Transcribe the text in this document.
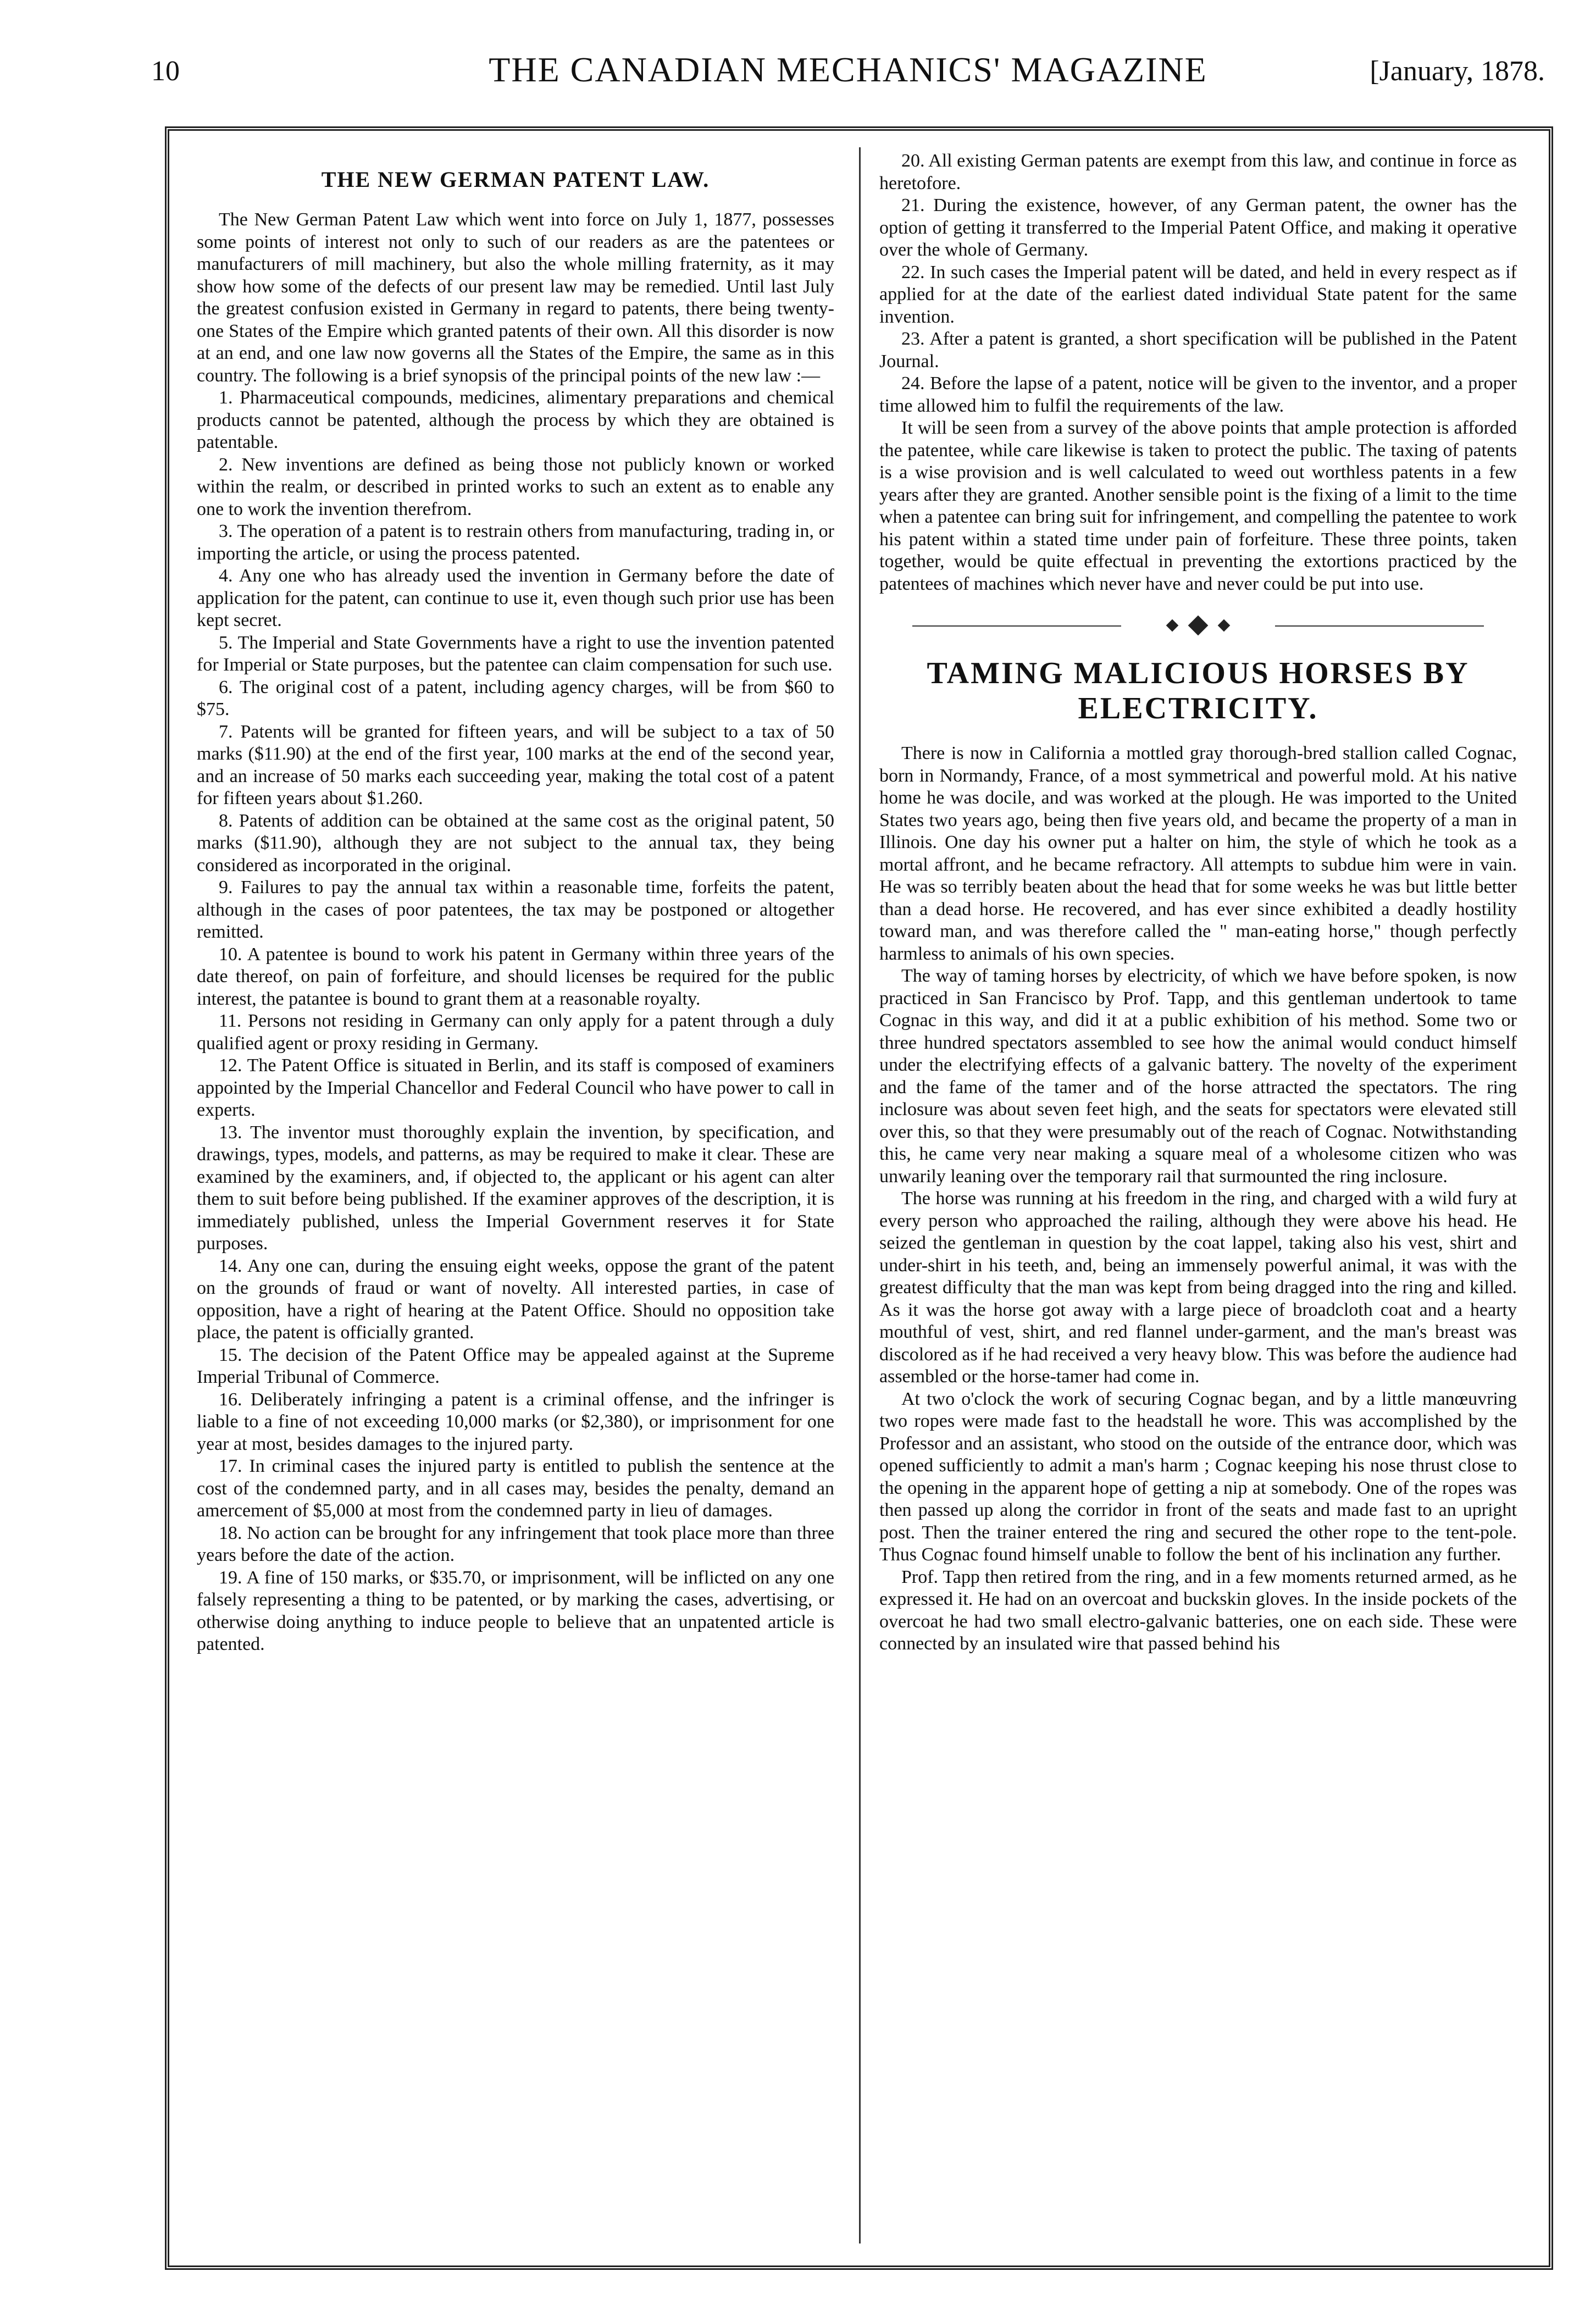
10	THE CANADIAN MECHANICS' MAGAZINE	[January, 1878.
THE NEW GERMAN PATENT LAW.

The New German Patent Law which went into force on July 1, 1877, possesses some points of interest not only to such of our readers as are the patentees or manufacturers of mill machinery, but also the whole milling fraternity, as it may show how some of the defects of our present law may be remedied. Until last July the greatest confusion existed in Germany in regard to patents, there being twenty-one States of the Empire which granted patents of their own. All this disorder is now at an end, and one law now governs all the States of the Empire, the same as in this country. The following is a brief synopsis of the principal points of the new law :—

1. Pharmaceutical compounds, medicines, alimentary preparations and chemical products cannot be patented, although the process by which they are obtained is patentable.

2. New inventions are defined as being those not publicly known or worked within the realm, or described in printed works to such an extent as to enable any one to work the invention therefrom.

3. The operation of a patent is to restrain others from manufacturing, trading in, or importing the article, or using the process patented.

4. Any one who has already used the invention in Germany before the date of application for the patent, can continue to use it, even though such prior use has been kept secret.

5. The Imperial and State Governments have a right to use the invention patented for Imperial or State purposes, but the patentee can claim compensation for such use.

6. The original cost of a patent, including agency charges, will be from $60 to $75.

7. Patents will be granted for fifteen years, and will be subject to a tax of 50 marks ($11.90) at the end of the first year, 100 marks at the end of the second year, and an increase of 50 marks each succeeding year, making the total cost of a patent for fifteen years about $1.260.

8. Patents of addition can be obtained at the same cost as the original patent, 50 marks ($11.90), although they are not subject to the annual tax, they being considered as incorporated in the original.

9. Failures to pay the annual tax within a reasonable time, forfeits the patent, although in the cases of poor patentees, the tax may be postponed or altogether remitted.

10. A patentee is bound to work his patent in Germany within three years of the date thereof, on pain of forfeiture, and should licenses be required for the public interest, the patantee is bound to grant them at a reasonable royalty.

11. Persons not residing in Germany can only apply for a patent through a duly qualified agent or proxy residing in Germany.

12. The Patent Office is situated in Berlin, and its staff is composed of examiners appointed by the Imperial Chancellor and Federal Council who have power to call in experts.

13. The inventor must thoroughly explain the invention, by specification, and drawings, types, models, and patterns, as may be required to make it clear. These are examined by the examiners, and, if objected to, the applicant or his agent can alter them to suit before being published. If the examiner approves of the description, it is immediately published, unless the Imperial Government reserves it for State purposes.

14. Any one can, during the ensuing eight weeks, oppose the grant of the patent on the grounds of fraud or want of novelty. All interested parties, in case of opposition, have a right of hearing at the Patent Office. Should no opposition take place, the patent is officially granted.

15. The decision of the Patent Office may be appealed against at the Supreme Imperial Tribunal of Commerce.

16. Deliberately infringing a patent is a criminal offense, and the infringer is liable to a fine of not exceeding 10,000 marks (or $2,380), or imprisonment for one year at most, besides damages to the injured party.

17. In criminal cases the injured party is entitled to publish the sentence at the cost of the condemned party, and in all cases may, besides the penalty, demand an amercement of $5,000 at most from the condemned party in lieu of damages.

18. No action can be brought for any infringement that took place more than three years before the date of the action.

19. A fine of 150 marks, or $35.70, or imprisonment, will be inflicted on any one falsely representing a thing to be patented, or by marking the cases, advertising, or otherwise doing anything to induce people to believe that an unpatented article is patented.

20. All existing German patents are exempt from this law, and continue in force as heretofore.

21. During the existence, however, of any German patent, the owner has the option of getting it transferred to the Imperial Patent Office, and making it operative over the whole of Germany.

22. In such cases the Imperial patent will be dated, and held in every respect as if applied for at the date of the earliest dated individual State patent for the same invention.

23. After a patent is granted, a short specification will be published in the Patent Journal.

24. Before the lapse of a patent, notice will be given to the inventor, and a proper time allowed him to fulfil the requirements of the law.

It will be seen from a survey of the above points that ample protection is afforded the patentee, while care likewise is taken to protect the public. The taxing of patents is a wise provision and is well calculated to weed out worthless patents in a few years after they are granted. Another sensible point is the fixing of a limit to the time when a patentee can bring suit for infringement, and compelling the patentee to work his patent within a stated time under pain of forfeiture. These three points, taken together, would be quite effectual in preventing the extortions practiced by the patentees of machines which never have and never could be put into use.

TAMING MALICIOUS HORSES BY ELECTRICITY.

There is now in California a mottled gray thorough-bred stallion called Cognac, born in Normandy, France, of a most symmetrical and powerful mold. At his native home he was docile, and was worked at the plough. He was imported to the United States two years ago, being then five years old, and became the property of a man in Illinois. One day his owner put a halter on him, the style of which he took as a mortal affront, and he became refractory. All attempts to subdue him were in vain. He was so terribly beaten about the head that for some weeks he was but little better than a dead horse. He recovered, and has ever since exhibited a deadly hostility toward man, and was therefore called the " man-eating horse," though perfectly harmless to animals of his own species.

The way of taming horses by electricity, of which we have before spoken, is now practiced in San Francisco by Prof. Tapp, and this gentleman undertook to tame Cognac in this way, and did it at a public exhibition of his method. Some two or three hundred spectators assembled to see how the animal would conduct himself under the electrifying effects of a galvanic battery. The novelty of the experiment and the fame of the tamer and of the horse attracted the spectators. The ring inclosure was about seven feet high, and the seats for spectators were elevated still over this, so that they were presumably out of the reach of Cognac. Notwithstanding this, he came very near making a square meal of a wholesome citizen who was unwarily leaning over the temporary rail that surmounted the ring inclosure.

The horse was running at his freedom in the ring, and charged with a wild fury at every person who approached the railing, although they were above his head. He seized the gentleman in question by the coat lappel, taking also his vest, shirt and under-shirt in his teeth, and, being an immensely powerful animal, it was with the greatest difficulty that the man was kept from being dragged into the ring and killed. As it was the horse got away with a large piece of broadcloth coat and a hearty mouthful of vest, shirt, and red flannel under-garment, and the man's breast was discolored as if he had received a very heavy blow. This was before the audience had assembled or the horse-tamer had come in.

At two o'clock the work of securing Cognac began, and by a little manœuvring two ropes were made fast to the headstall he wore. This was accomplished by the Professor and an assistant, who stood on the outside of the entrance door, which was opened sufficiently to admit a man's harm ; Cognac keeping his nose thrust close to the opening in the apparent hope of getting a nip at somebody. One of the ropes was then passed up along the corridor in front of the seats and made fast to an upright post. Then the trainer entered the ring and secured the other rope to the tent-pole. Thus Cognac found himself unable to follow the bent of his inclination any further.

Prof. Tapp then retired from the ring, and in a few moments returned armed, as he expressed it. He had on an overcoat and buckskin gloves. In the inside pockets of the overcoat he had two small electro-galvanic batteries, one on each side. These were connected by an insulated wire that passed behind his
